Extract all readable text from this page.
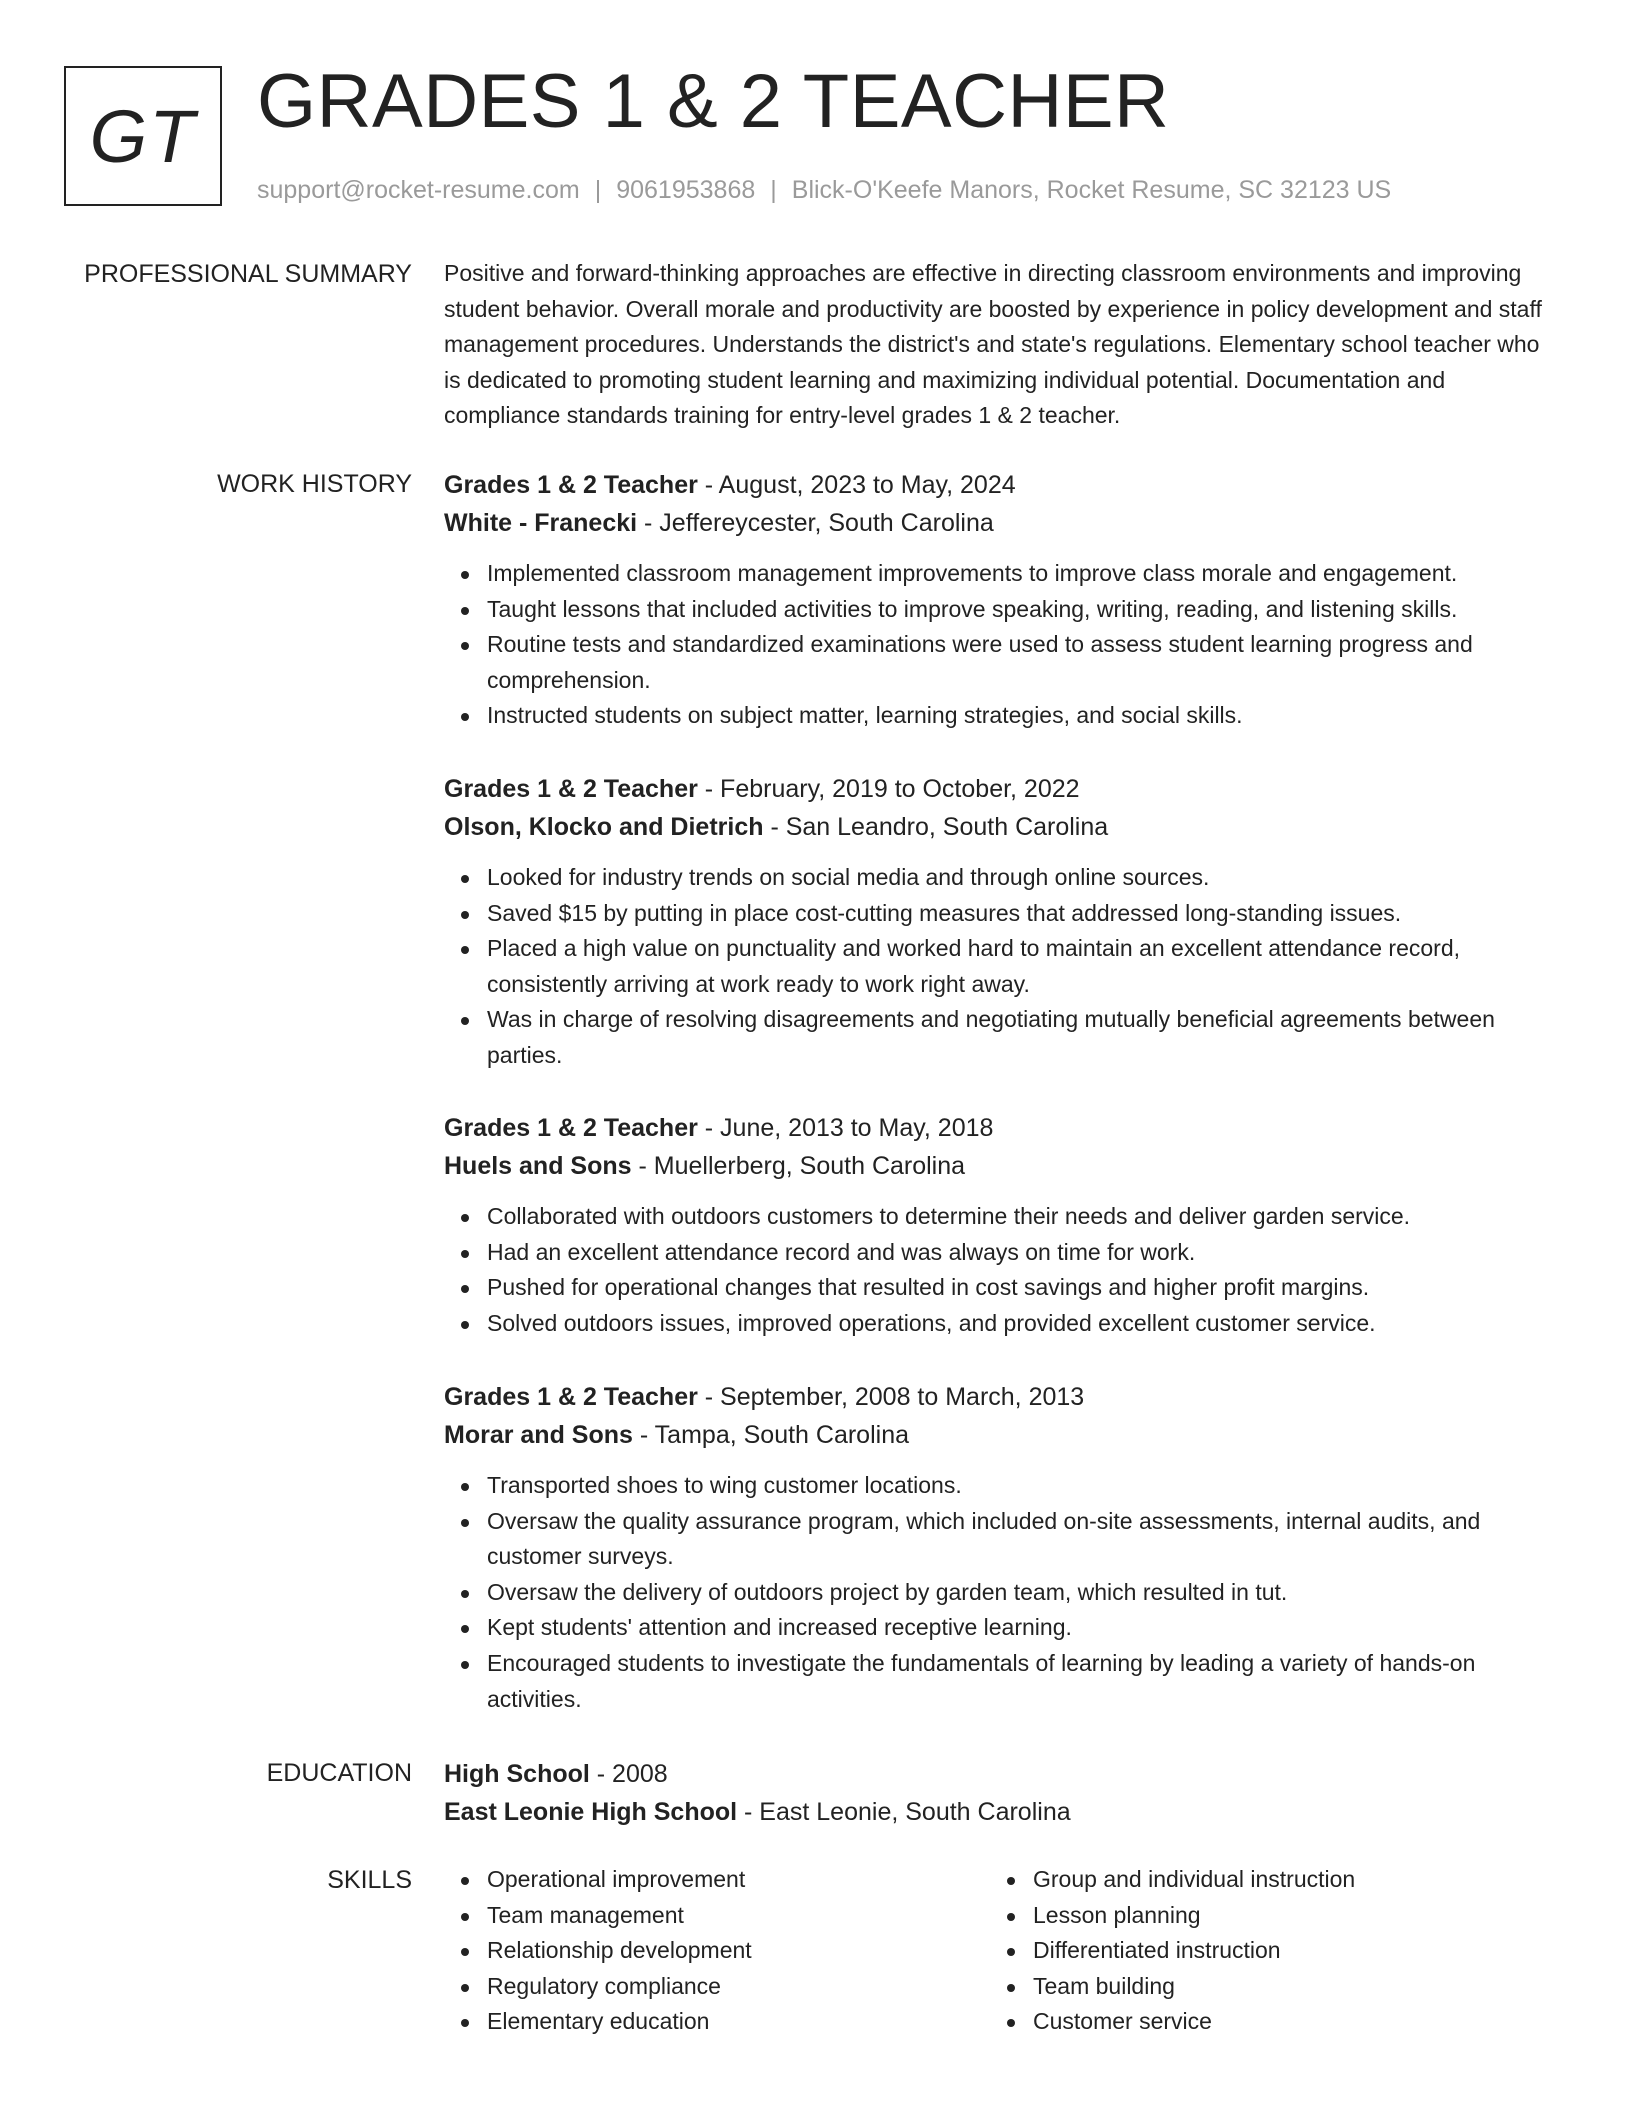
GT GRADES 1 & 2 TEACHER
support@rocket-resume.com | 9061953868 | Blick-O'Keefe Manors, Rocket Resume, SC 32123 US
PROFESSIONAL SUMMARY Positive and forward-thinking approaches are effective in directing classroom environments and improving student behavior. Overall morale and productivity are boosted by experience in policy development and staff management procedures. Understands the district's and state's regulations. Elementary school teacher who is dedicated to promoting student learning and maximizing individual potential. Documentation and compliance standards training for entry-level grades 1 & 2 teacher.

WORK HISTORY Grades 1 & 2 Teacher - August, 2023 to May, 2024
White - Franecki - Jeffereycester, South Carolina
Implemented classroom management improvements to improve class morale and engagement.
Taught lessons that included activities to improve speaking, writing, reading, and listening skills.
Routine tests and standardized examinations were used to assess student learning progress and comprehension.
Instructed students on subject matter, learning strategies, and social skills.
Grades 1 & 2 Teacher - February, 2019 to October, 2022
Olson, Klocko and Dietrich - San Leandro, South Carolina
Looked for industry trends on social media and through online sources.
Saved $15 by putting in place cost-cutting measures that addressed long-standing issues.
Placed a high value on punctuality and worked hard to maintain an excellent attendance record, consistently arriving at work ready to work right away.
Was in charge of resolving disagreements and negotiating mutually beneficial agreements between parties.
Grades 1 & 2 Teacher - June, 2013 to May, 2018
Huels and Sons - Muellerberg, South Carolina
Collaborated with outdoors customers to determine their needs and deliver garden service.
Had an excellent attendance record and was always on time for work.
Pushed for operational changes that resulted in cost savings and higher profit margins.
Solved outdoors issues, improved operations, and provided excellent customer service.
Grades 1 & 2 Teacher - September, 2008 to March, 2013
Morar and Sons - Tampa, South Carolina
Transported shoes to wing customer locations.
Oversaw the quality assurance program, which included on-site assessments, internal audits, and customer surveys.
Oversaw the delivery of outdoors project by garden team, which resulted in tut.
Kept students' attention and increased receptive learning.
Encouraged students to investigate the fundamentals of learning by leading a variety of hands-on activities.
EDUCATION High School - 2008
East Leonie High School - East Leonie, South Carolina
SKILLS	Operational improvement
Team management
Relationship development
Regulatory compliance
Elementary education
Group and individual instruction
Lesson planning
Differentiated instruction
Team building
Customer service
